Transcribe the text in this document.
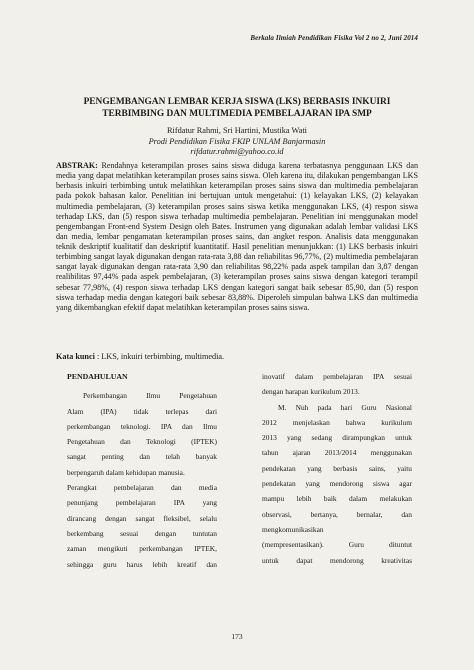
Berkala Ilmiah Pendidikan Fisika Vol 2 no 2, Juni 2014
PENGEMBANGAN LEMBAR KERJA SISWA (LKS) BERBASIS INKUIRI
TERBIMBING DAN MULTIMEDIA PEMBELAJARAN IPA SMP
Rifdatur Rahmi, Sri Hartini, Mustika Wati
Prodi Pendidikan Fisika FKIP UNLAM Banjarmasin
rifdatur.rahmi@yahoo.co.id
ABSTRAK: Rendahnya keterampilan proses sains siswa diduga karena terbatasnya penggunaan LKS dan media yang dapat melatihkan keterampilan proses sains siswa. Oleh karena itu, dilakukan pengembangan LKS berbasis inkuiri terbimbing untuk melatihkan keterampilan proses sains siswa dan multimedia pembelajaran pada pokok bahasan kalor. Penelitian ini bertujuan untuk mengetahui: (1) kelayakan LKS, (2) kelayakan multimedia pembelajaran, (3) keterampilan proses sains siswa ketika menggunakan LKS, (4) respon siswa terhadap LKS, dan (5) respon siswa terhadap multimedia pembelajaran. Penelitian ini menggunakan model pengembangan Front-end System Design oleh Bates. Instrumen yang digunakan adalah lembar validasi LKS dan media, lembar pengamatan keterampilan proses sains, dan angket respon. Analisis data menggunakan teknik deskriptif kualitatif dan deskriptif kuantitatif. Hasil penelitian menunjukkan: (1) LKS berbasis inkuiri terbimbing sangat layak digunakan dengan rata-rata 3,88 dan reliabilitas 96,77%, (2) multimedia pembelajaran sangat layak digunakan dengan rata-rata 3,90 dan reliabilitas 98,22% pada aspek tampilan dan 3,87 dengan realibilitas 97,44% pada aspek pembelajaran, (3) keterampilan proses sains siswa dengan kategori terampil sebesar 77,98%, (4) respon siswa terhadap LKS dengan kategori sangat baik sebesar 85,90, dan (5) respon siswa terhadap media dengan kategori baik sebesar 83,88%. Diperoleh simpulan bahwa LKS dan multimedia yang dikembangkan efektif dapat melatihkan keterampilan proses sains siswa.
Kata kunci : LKS, inkuiri terbimbing, multimedia.
PENDAHULUAN
Perkembangan Ilmu Pengetahuan
Alam (IPA) tidak terlepas dari
perkembangan teknologi. IPA dan Ilmu
Pengetahuan dan Teknologi (IPTEK)
sangat penting dan telah banyak
berpengaruh dalam kehidupan manusia.
Perangkat pembelajaran dan media
penunjang pembelajaran IPA yang
dirancang dengan sangat fleksibel, selalu
berkembang sesuai dengan tuntutan
zaman mengikuti perkembangan IPTEK,
sehingga guru harus lebih kreatif dan
inovatif dalam pembelajaran IPA sesuai
dengan harapan kurikulum 2013.
M. Nuh pada hari Guru Nasional
2012 menjelaskan bahwa kurikulum
2013 yang sedang dirampungkan untuk
tahun ajaran 2013/2014 menggunakan
pendekatan yang berbasis sains, yaitu
pendekatan yang mendorong siswa agar
mampu lebih baik dalam melakukan
observasi, bertanya, bernalar, dan
mengkomunikasikan
(mempresentasikan). Guru dituntut
untuk dapat mendorong kreativitas
173
